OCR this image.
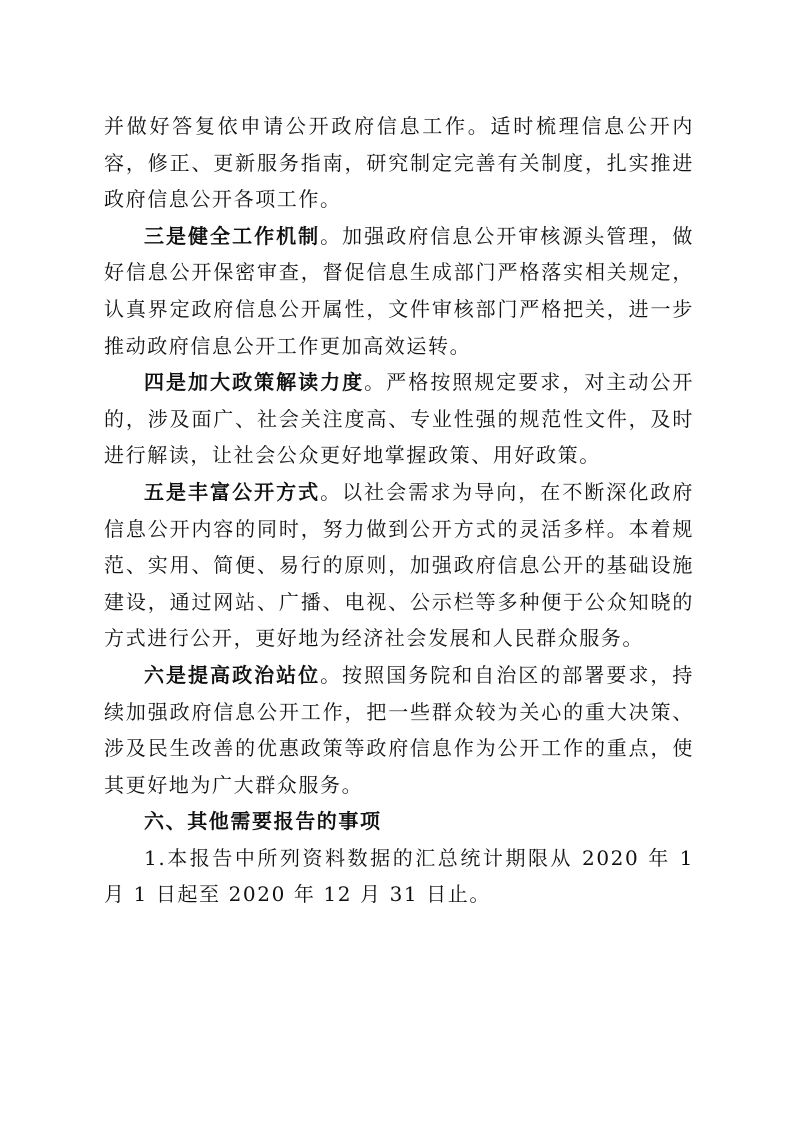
并做好答复依申请公开政府信息工作。适时梳理信息公开内容，修正、更新服务指南，研究制定完善有关制度，扎实推进政府信息公开各项工作。

三是健全工作机制。加强政府信息公开审核源头管理，做好信息公开保密审查，督促信息生成部门严格落实相关规定，认真界定政府信息公开属性，文件审核部门严格把关，进一步推动政府信息公开工作更加高效运转。

四是加大政策解读力度。严格按照规定要求，对主动公开的，涉及面广、社会关注度高、专业性强的规范性文件，及时进行解读，让社会公众更好地掌握政策、用好政策。

五是丰富公开方式。以社会需求为导向，在不断深化政府信息公开内容的同时，努力做到公开方式的灵活多样。本着规范、实用、简便、易行的原则，加强政府信息公开的基础设施建设，通过网站、广播、电视、公示栏等多种便于公众知晓的方式进行公开，更好地为经济社会发展和人民群众服务。

六是提高政治站位。按照国务院和自治区的部署要求，持续加强政府信息公开工作，把一些群众较为关心的重大决策、涉及民生改善的优惠政策等政府信息作为公开工作的重点，使其更好地为广大群众服务。

六、其他需要报告的事项

1.本报告中所列资料数据的汇总统计期限从 2020 年 1 月 1 日起至 2020 年 12 月 31 日止。
